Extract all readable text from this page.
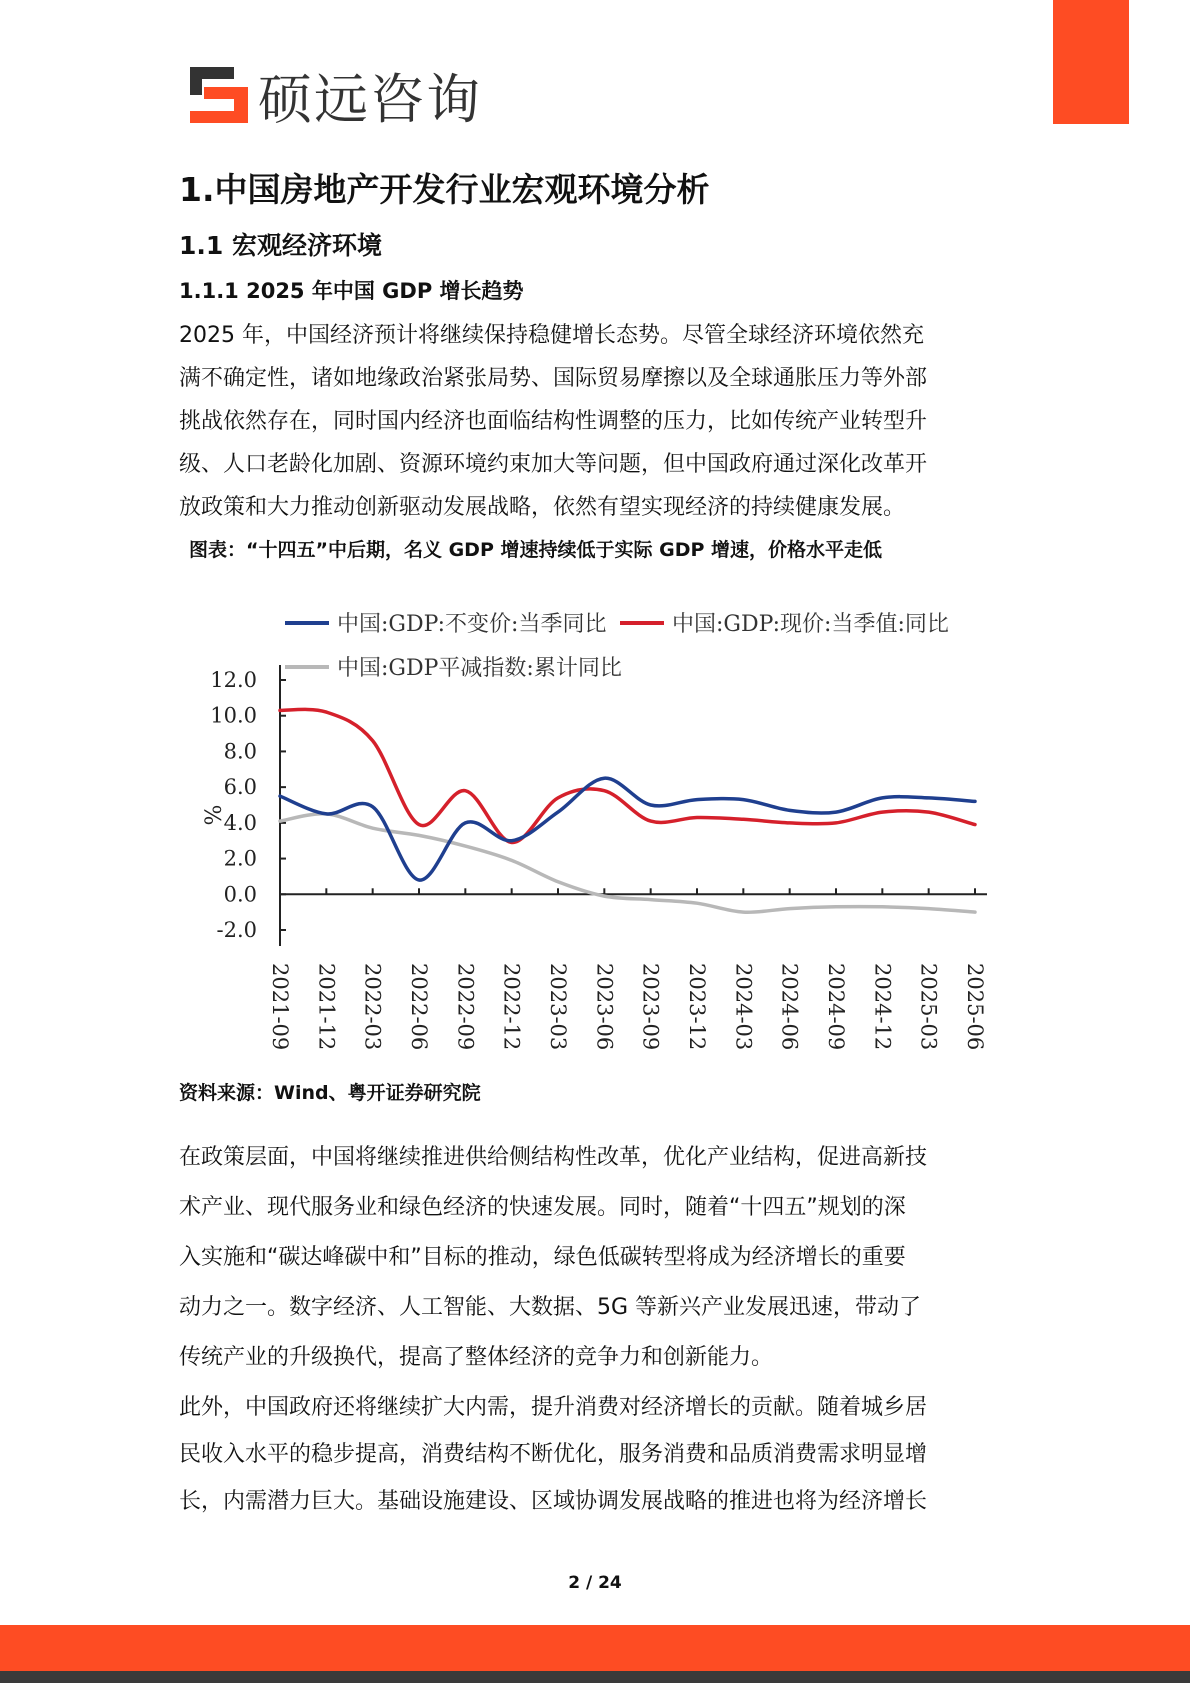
硕远咨询
1.中国房地产开发行业宏观环境分析
1.1 宏观经济环境
1.1.1 2025 年中国 GDP 增长趋势
2025 年，中国经济预计将继续保持稳健增长态势。尽管全球经济环境依然充
满不确定性，诸如地缘政治紧张局势、国际贸易摩擦以及全球通胀压力等外部
挑战依然存在，同时国内经济也面临结构性调整的压力，比如传统产业转型升
级、人口老龄化加剧、资源环境约束加大等问题，但中国政府通过深化改革开
放政策和大力推动创新驱动发展战略，依然有望实现经济的持续健康发展。
图表：“十四五”中后期，名义 GDP 增速持续低于实际 GDP 增速，价格水平走低
中国:GDP:不变价:当季同比	中国:GDP:现价:当季值:同比
中国:GDP平减指数:累计同比
12.0
10.0
8.0
6.0
4.0
2.0
0.0
-2.0
%
2021-09 2021-12 2022-03 2022-06 2022-09 2022-12 2023-03 2023-06 2023-09 2023-12 2024-03 2024-06 2024-09 2024-12 2025-03 2025-06
资料来源：Wind、粤开证券研究院
在政策层面，中国将继续推进供给侧结构性改革，优化产业结构，促进高新技
术产业、现代服务业和绿色经济的快速发展。同时，随着“十四五”规划的深
入实施和“碳达峰碳中和”目标的推动，绿色低碳转型将成为经济增长的重要
动力之一。数字经济、人工智能、大数据、5G 等新兴产业发展迅速，带动了
传统产业的升级换代，提高了整体经济的竞争力和创新能力。
此外，中国政府还将继续扩大内需，提升消费对经济增长的贡献。随着城乡居
民收入水平的稳步提高，消费结构不断优化，服务消费和品质消费需求明显增
长，内需潜力巨大。基础设施建设、区域协调发展战略的推进也将为经济增长
2 / 24
